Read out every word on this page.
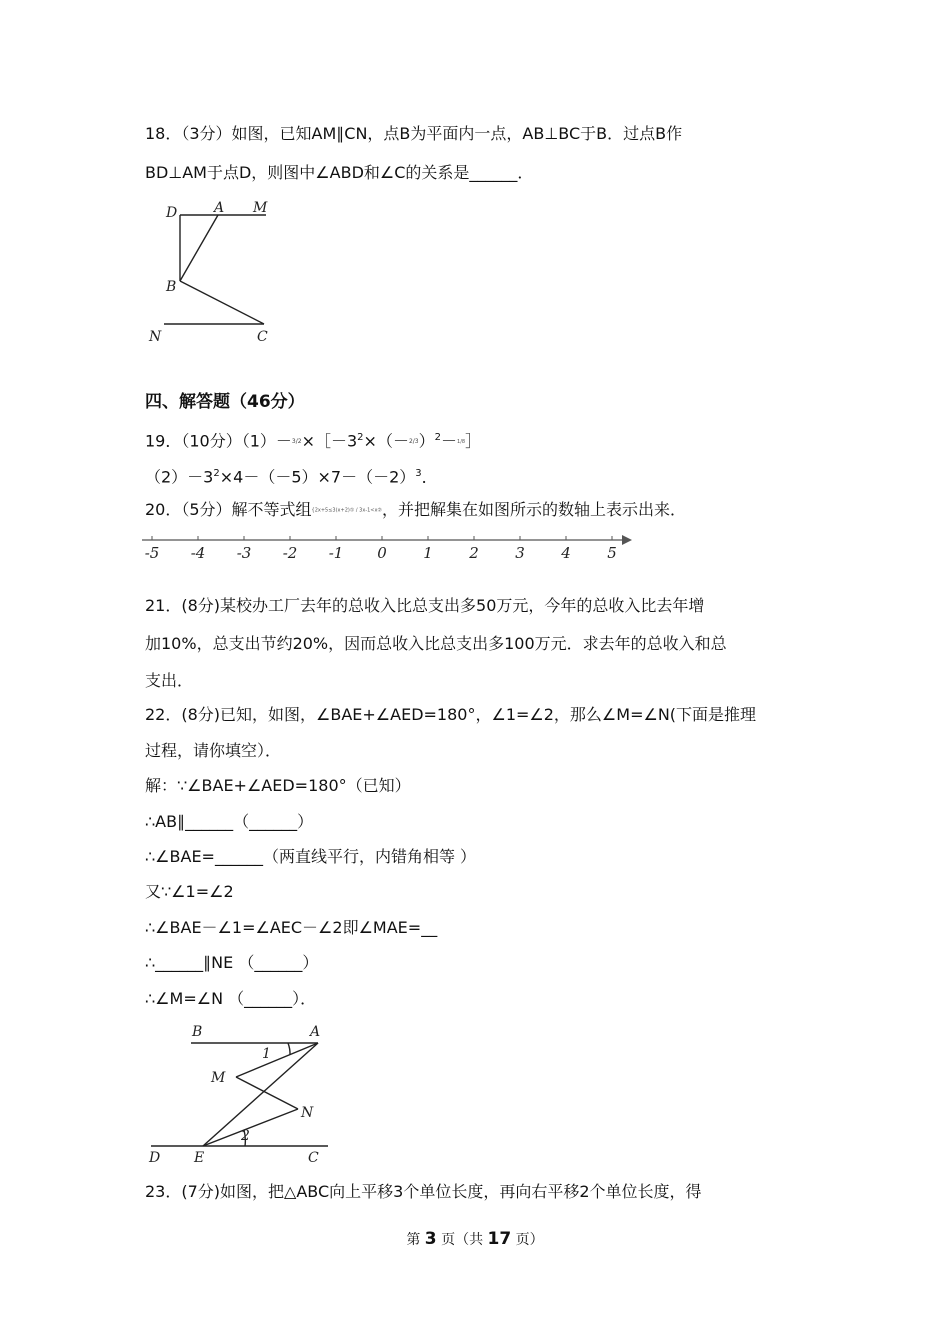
18．（3分）如图，已知AM∥CN，点B为平面内一点，AB⊥BC于B．过点B作
BD⊥AM于点D，则图中∠ABD和∠C的关系是______．
D	A M
B
N	C
四、解答题（46分）
19．（10分）$(1)-3/2\times[-3^2\times(-2/3)^2-1/8]$
$(2)-3^2\times 4-(-5)\times 7-(-2)^3$．
20．（5分）解不等式组{2x+5≤3(x+2)① / 3x-1<x②，并把解集在如图所示的数轴上表示出来．
-5 -4 -3 -2 -1 0 1 2 3 4 5
21．(8分)某校办工厂去年的总收入比总支出多50万元，今年的总收入比去年增
加10%，总支出节约20%，因而总收入比总支出多100万元．求去年的总收入和总
支出．
22．(8分)已知，如图，∠BAE+∠AED=180°，∠1=∠2，那么∠M=∠N(下面是推理
过程，请你填空）．
解：∵∠BAE+∠AED=180°（已知）
∴AB∥______（______）
∴∠BAE=______（两直线平行，内错角相等 ）
又∵∠1=∠2
∴∠BAE－∠1=∠AEC－∠2即∠MAE=__
∴______∥NE （______）
∴∠M=∠N （______）．
B	A
1
M
N
2
D E	C
23．(7分)如图，把△ABC向上平移3个单位长度，再向右平移2个单位长度，得
第 3 页（共 17 页）
